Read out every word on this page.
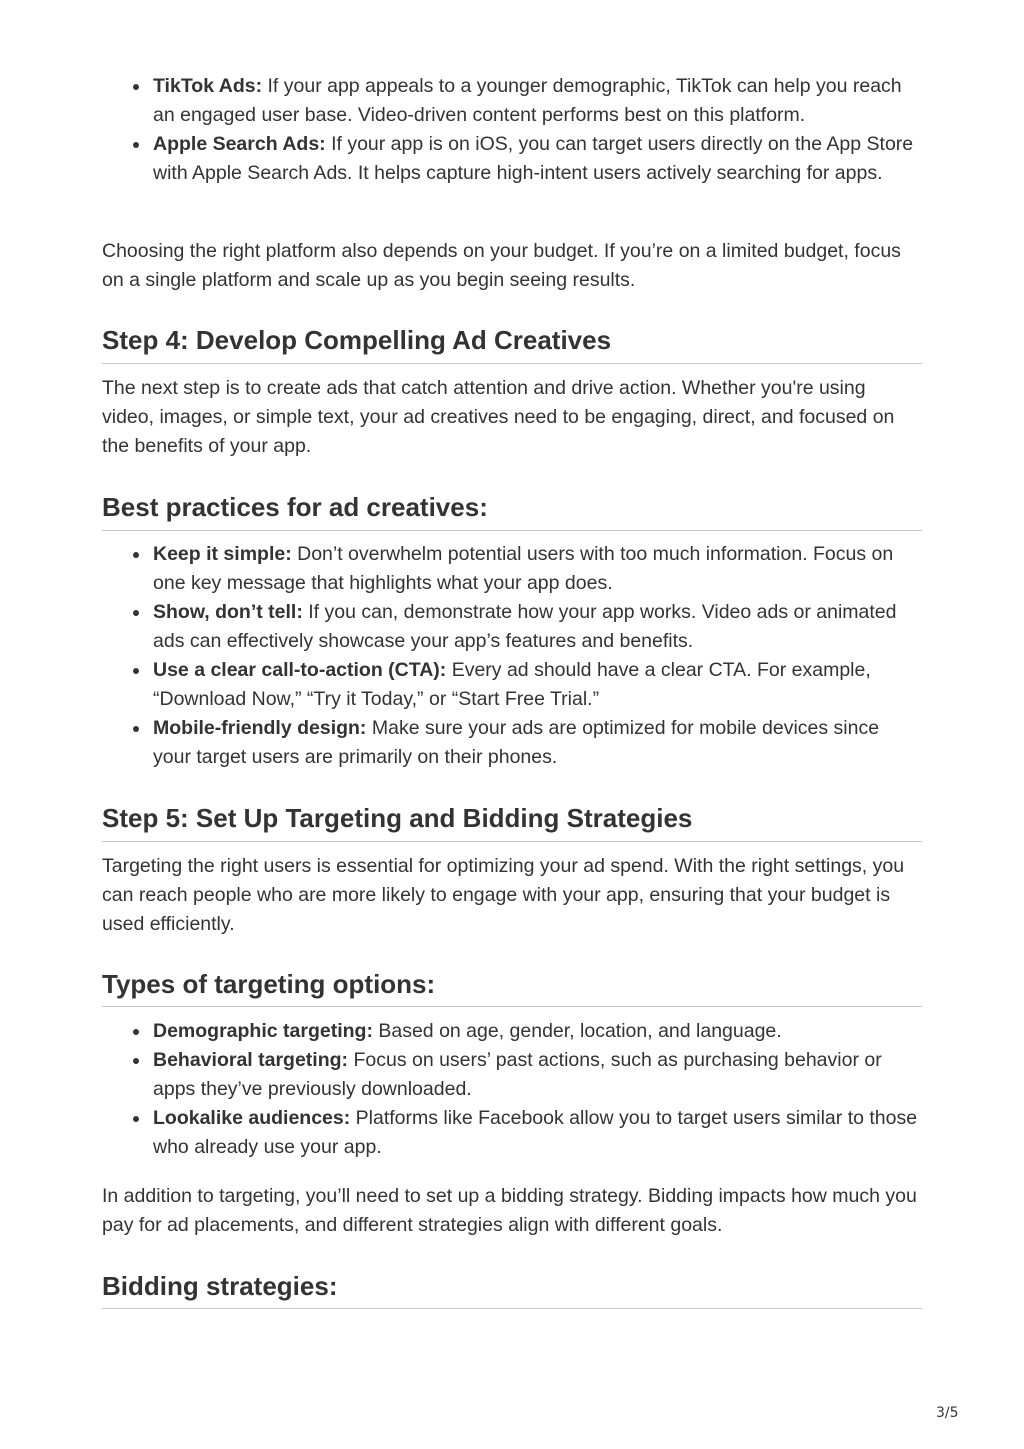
TikTok Ads: If your app appeals to a younger demographic, TikTok can help you reach an engaged user base. Video-driven content performs best on this platform.
Apple Search Ads: If your app is on iOS, you can target users directly on the App Store with Apple Search Ads. It helps capture high-intent users actively searching for apps.

Choosing the right platform also depends on your budget. If you’re on a limited budget, focus on a single platform and scale up as you begin seeing results.

Step 4: Develop Compelling Ad Creatives

The next step is to create ads that catch attention and drive action. Whether you're using video, images, or simple text, your ad creatives need to be engaging, direct, and focused on the benefits of your app.

Best practices for ad creatives:
Keep it simple: Don’t overwhelm potential users with too much information. Focus on one key message that highlights what your app does.
Show, don’t tell: If you can, demonstrate how your app works. Video ads or animated ads can effectively showcase your app’s features and benefits.
Use a clear call-to-action (CTA): Every ad should have a clear CTA. For example, “Download Now,” “Try it Today,” or “Start Free Trial.”
Mobile-friendly design: Make sure your ads are optimized for mobile devices since your target users are primarily on their phones.
Step 5: Set Up Targeting and Bidding Strategies

Targeting the right users is essential for optimizing your ad spend. With the right settings, you can reach people who are more likely to engage with your app, ensuring that your budget is used efficiently.

Types of targeting options:
Demographic targeting: Based on age, gender, location, and language.
Behavioral targeting: Focus on users’ past actions, such as purchasing behavior or apps they’ve previously downloaded.
Lookalike audiences: Platforms like Facebook allow you to target users similar to those who already use your app.

In addition to targeting, you’ll need to set up a bidding strategy. Bidding impacts how much you pay for ad placements, and different strategies align with different goals.

Bidding strategies:
3/5
